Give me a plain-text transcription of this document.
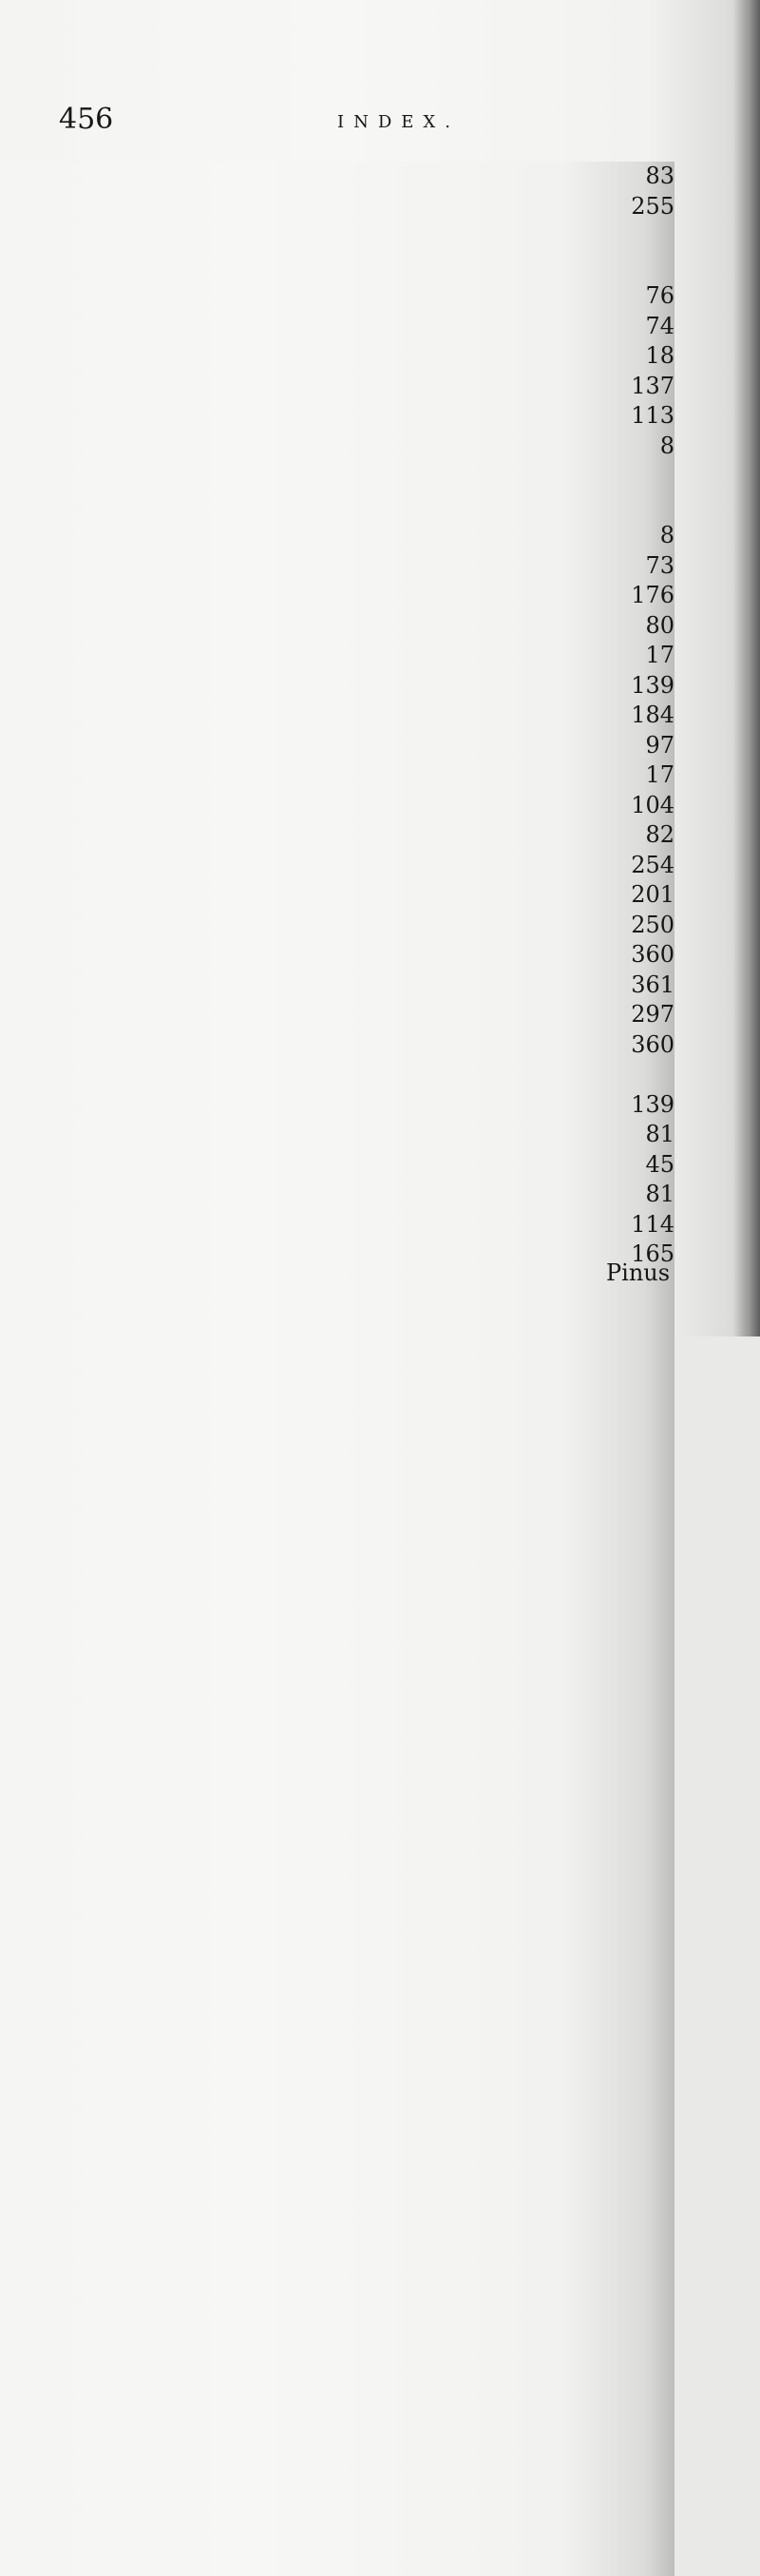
456	INDEX.
83
255
76
74
18
137
113
8
8
73
176
80
17
139
184
97
17
104
82
254
201
250
360
361
297
360
139
81
45
81
114
165
Pinus
